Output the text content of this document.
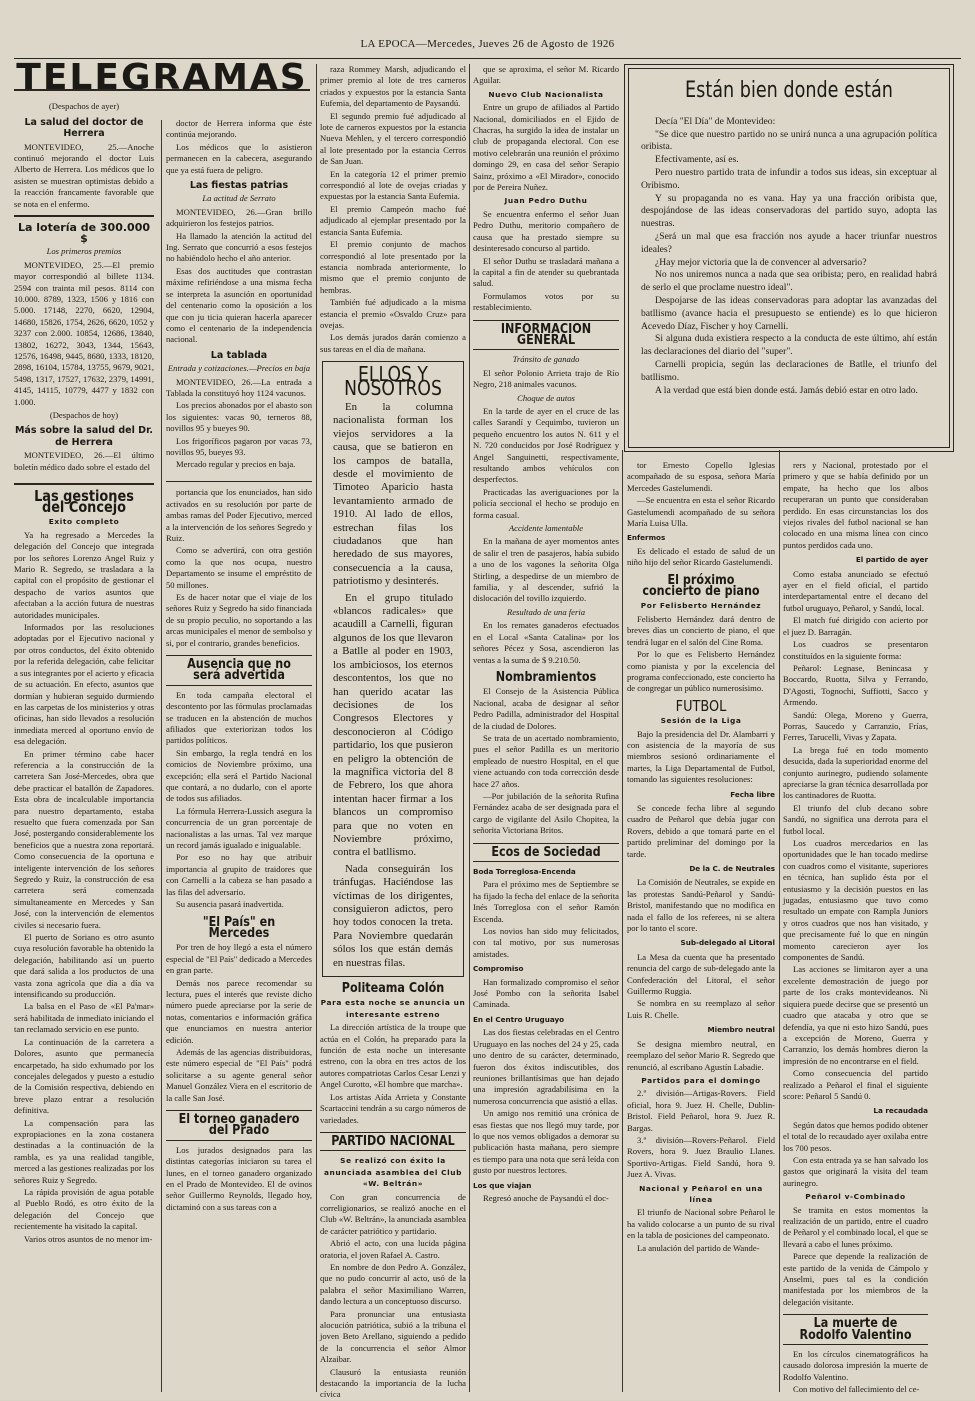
LA EPOCA—Mercedes, Jueves 26 de Agosto de 1926
TELEGRAMAS
(Despachos de ayer)
La salud del doctor de Herrera

MONTEVIDEO, 25.—Anoche continuó mejorando el doctor Luis Alberto de Herrera. Los médicos que lo asisten se muestran optimistas debido a la reacción francamente favorable que se nota en el enfermo.

La lotería de 300.000 $
Los primeros premios

MONTEVIDEO, 25.—El premio mayor correspondió al billete 1134. 2594 con trainta mil pesos. 8114 con 10.000. 8789, 1323, 1506 y 1816 con 5.000. 17148, 2270, 6620, 12904, 14680, 15826, 1754, 2626, 6620, 1052 y 3237 con 2.000. 10854, 12686, 13840, 13802, 16272, 3043, 1344, 15643, 12576, 16498, 9445, 8680, 1333, 18120, 2898, 16104, 15784, 13755, 9679, 9021, 5498, 1317, 17527, 17632, 2379, 14991, 4145, 14115, 10779, 4477 y 1832 con 1.000.

(Despachos de hoy)
Más sobre la salud del Dr. de Herrera

MONTEVIDEO, 26.—El último boletín médico dado sobre el estado del

Las gestiones del Concejo
Exito completo

Ya ha regresado a Mercedes la delegación del Concejo que integrada por los señores Lorenzo Angel Ruiz y Mario R. Segredo, se trasladara a la capital con el propósito de gestionar el despacho de varios asuntos que afectaban a la acción futura de nuestras autoridades municipales.

Informados por las resoluciones adoptadas por el Ejecutivo nacional y por otros conductos, del éxito obtenido por la referida delegación, cabe felicitar a sus integrantes por el acierto y eficacia de su actuación. En efecto, asuntos que dormían y hubieran seguido durmiendo en las carpetas de los ministerios y otras oficinas, han sido llevados a resolución inmediata merced al oportuno envío de esa delegación.

En primer término cabe hacer referencia a la construcción de la carretera San José-Mercedes, obra que debe practicar el batallón de Zapadores. Esta obra de incalculable importancia para nuestro departamento, estaba resuelto que fuera comenzada por San José, postergando considerablemente los beneficios que a nuestra zona reportará. Como consecuencia de la oportuna e inteligente intervención de los señores Segredo y Ruiz, la construcción de esa carretera será comenzada simultaneamente en Mercedes y San José, con la intervención de elementos civiles si necesario fuera.

El puerto de Soriano es otro asunto cuya resolución favorable ha obtenido la delegación, habilitando así un puerto que dará salida a los productos de una vasta zona agrícola que día a día va intensificando su producción.

La balsa en el Paso de «El Pa'mar» será habilitada de inmediato iniciando el tan reclamado servicio en ese punto.

La continuación de la carretera a Dolores, asunto que permanecía encarpetado, ha sido exhumado por los concejales delegados y puesto a estudio de la Comisión respectiva, debiendo en breve plazo entrar a resolución definitiva.

La compensación para las expropiaciones en la zona costanera destinadas a la continuación de la rambla, es ya una realidad tangible, merced a las gestiones realizadas por los señores Ruiz y Segredo.

La rápida provisión de agua potable al Pueblo Rodó, es otro éxito de la delegación del Concejo que recientemente ha visitado la capital.

Varios otros asuntos de no menor im-

doctor de Herrera informa que éste continúa mejorando.

Los médicos que lo asistieron permanecen en la cabecera, asegurando que ya está fuera de peligro.

Las fiestas patrias
La actitud de Serrato

MONTEVIDEO, 26.—Gran brillo adquirieron los festejos patrios.

Ha llamado la atención la actitud del Ing. Serrato que concurrió a esos festejos no habiéndolo hecho el año anterior.

Esas dos auctitudes que contrastan máxime refiriéndose a una misma fecha se interpreta la asunción en oportunidad del centenario como la oposición a los que con ju ticia quieran hacerla aparecer como el centenario de la independencia nacional.

La tablada
Entrada y cotizaciones.—Precios en baja

MONTEVIDEO, 26.—La entrada a Tablada la constituyó hoy 1124 vacunos.

Los precios abonados por el abasto son los siguientes: vacas 90, terneros 88, novillos 95 y bueyes 90.

Los frigoríficos pagaron por vacas 73, novillos 95, bueyes 93.

Mercado regular y precios en baja.

portancia que los enunciados, han sido activados en su resolución por parte de ambas ramas del Poder Ejecutivo, merced a la intervención de los señores Segredo y Ruiz.

Como se advertirá, con otra gestión como la que nos ocupa, nuestro Departamento se insume el empréstito de 50 millones.

Es de hacer notar que el viaje de los señores Ruiz y Segredo ha sido financiada de su propio peculio, no soportando a las arcas municipales el menor de sembolso y si, por el contrario, grandes beneficios.

Ausencia que no será advertida

En toda campaña electoral el descontento por las fórmulas proclamadas se traducen en la abstención de muchos afiliados que exteriorizan todos los partidos políticos.

Sin embargo, la regla tendrá en los comicios de Noviembre próximo, una excepción; ella será el Partido Nacional que contará, a no dudarlo, con el aporte de todos sus afiliados.

La fórmula Herrera-Lussich asegura la concurrencia de un gran porcentaje de nacionalistas a las urnas. Tal vez marque un record jamás igualado e inigualable.

Por eso no hay que atribuir importancia al grupito de traidores que con Carnelli a la cabeza se han pasado a las filas del adversario.

Su ausencia pasará inadvertida.

"El País" en Mercedes

Por tren de hoy llegó a esta el número especial de "El País" dedicado a Mercedes en gran parte.

Demás nos parece recomendar su lectura, pues el interés que reviste dicho número puede apreciarse por la serie de notas, comentarios e información gráfica que enunciamos en nuestra anterior edición.

Además de las agencias distribuidoras, este número especial de "El País" podrá solicitarse a su agente general señor Manuel González Viera en el escritorio de la calle San José.

El torneo ganadero del Prado

Los jurados designados para las distintas categorías iniciaron su tarea el lunes, en el torneo ganadero organizado en el Prado de Montevideo. El de ovinos señor Guillermo Reynolds, llegado hoy, dictaminó con a sus tareas con a

raza Rommey Marsh, adjudicando el primer premio al lote de tres carneros criados y expuestos por la estancia Santa Eufemia, del departamento de Paysandú.

El segundo premio fué adjudicado al lote de carneros expuestos por la estancia Nueva Mehlen, y el tercero correspondió al lote presentado por la estancia Cerros de San Juan.

En la categoría 12 el primer premio correspondió al lote de ovejas criadas y expuestas por la estancia Santa Eufemia.

El premio Campeón macho fué adjudicado al ejemplar presentado por la estancia Santa Eufemia.

El premio conjunto de machos correspondió al lote presentado por la estancia nombrada anteriormente, lo mismo que el premio conjunto de hembras.

También fué adjudicado a la misma estancia el premio «Osvaldo Cruz» para ovejas.

Los demás jurados darán comienzo a sus tareas en el día de mañana.

ELLOS Y NOSOTROS

En la columna nacionalista forman los viejos servidores a la causa, que se batieron en los campos de batalla, desde el movimiento de Timoteo Aparicio hasta levantamiento armado de 1910. Al lado de ellos, estrechan filas los ciudadanos que han heredado de sus mayores, consecuencia a la causa, patriotismo y desinterés.

En el grupo titulado «blancos radicales» que acaudill a Carnelli, figuran algunos de los que llevaron a Batlle al poder en 1903, los ambiciosos, los eternos descontentos, los que no han querido acatar las decisiones de los Congresos Electores y desconocieron al Código partidario, los que pusieron en peligro la obtención de la magnífica victoria del 8 de Febrero, los que ahora intentan hacer firmar a los blancos un compromiso para que no voten en Noviembre próximo, contra el batllismo.

Nada conseguirán los tránfugas. Haciéndose las víctimas de los dirigentes, consiguieron adictos, pero hoy todos conocen la treta. Para Noviembre quedarán sólos los que están demás en nuestras filas.

Politeama Colón
Para esta noche se anuncia un interesante estreno

La dirección artística de la troupe que actúa en el Colón, ha preparado para la función de esta noche un interesante estreno, con la obra en tres actos de los autores compatriotas Carlos Cesar Lenzi y Angel Curotto, «El hombre que marcha».

Los artistas Aída Arrieta y Constante Scartaccini tendrán a su cargo números de variedades.

PARTIDO NACIONAL
Se realizó con éxito la anunciada asamblea del Club «W. Beltrán»

Con gran concurrencia de correligionarios, se realizó anoche en el Club «W. Beltrán», la anunciada asamblea de carácter patriótico y partidario.

Abrió el acto, con una lucida página oratoria, el joven Rafael A. Castro.

En nombre de don Pedro A. González, que no pudo concurrir al acto, usó de la palabra el señor Maximiliano Warren, dando lectura a un conceptuoso discurso.

Para pronunciar una entusiasta alocución patriótica, subió a la tribuna el joven Beto Arellano, siguiendo a pedido de la concurrencia el señor Almor Alzaibar.

Clausuró la entusiasta reunión destacando la importancia de la lucha cívica

que se aproxima, el señor M. Ricardo Aguilar.

Nuevo Club Nacionalista

Entre un grupo de afiliados al Partido Nacional, domiciliados en el Ejido de Chacras, ha surgido la idea de instalar un club de propaganda electoral. Con ese motivo celebrarán una reunión el próximo domingo 29, en casa del señor Serapio Sainz, próximo a «El Mirador», conocido por de Pereira Nuñez.

Juan Pedro Duthu

Se encuentra enfermo el señor Juan Pedro Duthu, meritorio compañero de causa que ha prestado siempre su desinteresado concurso al partido.

El señor Duthu se trasladará mañana a la capital a fin de atender su quebrantada salud.

Formulamos votos por su restablecimiento.

INFORMACION GENERAL
Tránsito de ganado

El señor Polonio Arrieta trajo de Río Negro, 218 animales vacunos.

Choque de autos

En la tarde de ayer en el cruce de las calles Sarandí y Cequimbo, tuvieron un pequeño encuentro los autos N. 611 y el N. 720 conducidos por José Rodríguez y Angel Sanguinetti, respectivamente, resultando ambos vehículos con desperfectos.

Practicadas las averiguaciones por la policía seccional el hecho se produjo en forma casual.

Accidente lamentable

En la mañana de ayer momentos antes de salir el tren de pasajeros, había subido a uno de los vagones la señorita Olga Stirling, a despedirse de un miembro de familia, y al descender, sufrió la dislocación del tovillo izquierdo.

Resultado de una feria

En los remates ganaderos efectuados en el Local «Santa Catalina» por los señores Pécez y Sosa, ascendieron las ventas a la suma de $ 9.210.50.

Nombramientos

El Consejo de la Asistencia Pública Nacional, acaba de designar al señor Pedro Padilla, administrador del Hospital de la ciudad de Dolores.

Se trata de un acertado nombramiento, pues el señor Padilla es un meritorio empleado de nuestro Hospital, en el que viene actuando con toda corrección desde hace 27 años.

—Por jubilación de la señorita Rufina Fernández acaba de ser designada para el cargo de vigilante del Asilo Chopitea, la señorita Victoriana Britos.

Ecos de Sociedad
Boda Torreglosa-Encenda

Para el próximo mes de Septiembre se ha fijado la fecha del enlace de la señorita Inés Torreglosa con el señor Ramón Escenda.

Los novios han sido muy felicitados, con tal motivo, por sus numerosas amistades.

Compromiso

Han formalizado compromiso el señor José Pombo con la señorita Isabel Caminada.

En el Centro Uruguayo

Las dos fiestas celebradas en el Centro Uruguayo en las noches del 24 y 25, cada uno dentro de su carácter, determinado, fueron dos éxitos indiscutibles, dos reuniones brillantísimas que han dejado una impresión agradabilísima en la numerosa concurrencia que asistió a ellas.

Un amigo nos remitió una crónica de esas fiestas que nos llegó muy tarde, por lo que nos vemos obligados a demorar su publicación hasta mañana, pero siempre es tiempo para una nota que será leída con gusto por nuestros lectores.

Los que viajan

Regresó anoche de Paysandú el doc-

Están bien donde están

Decía "El Día" de Montevideo:

"Se dice que nuestro partido no se unirá nunca a una agrupación política oribista.

Efectivamente, así es.

Pero nuestro partido trata de infundir a todos sus ideas, sin exceptuar al Oribismo.

Y su propaganda no es vana. Hay ya una fracción oribista que, despojándose de las ideas conservadoras del partido suyo, adopta las nuestras.

¿Será un mal que esa fracción nos ayude a hacer triunfar nuestros ideales?

¿Hay mejor victoria que la de convencer al adversario?

No nos uniremos nunca a nada que sea oribista; pero, en realidad habrá de serlo el que proclame nuestro ideal".

Despojarse de las ideas conservadoras para adoptar las avanzadas del batllismo (avance hacia el presupuesto se entiende) es lo que hicieron Acevedo Díaz, Fischer y hoy Carnelli.

Si alguna duda existiera respecto a la conducta de este último, ahí están las declaraciones del diario del "super".

Carnelli propicia, según las declaraciones de Batlle, el triunfo del batllismo.

A la verdad que está bien donde está. Jamás debió estar en otro lado.

tor Ernesto Copello Iglesias acompañado de su esposa, señora María Mercedes Gastelumendi.

—Se encuentra en esta el señor Ricardo Gastelumendi acompañado de su señora María Luisa Ulla.

Enfermos

Es delicado el estado de salud de un niño hijo del señor Ricardo Gastelumendi.

El próximo concierto de piano
Por Felisberto Hernández

Felisberto Hernández dará dentro de breves días un concierto de piano, el que tendrá lugar en el salón del Cine Roma.

Por lo que es Felisberto Hernández como pianista y por la excelencia del programa confeccionado, este concierto ha de congregar un público numerosísimo.

FUTBOL
Sesión de la Liga

Bajo la presidencia del Dr. Alambarri y con asistencia de la mayoría de sus miembros sesionó ordinariamente el martes, la Liga Departamental de Futbol, tomando las siguientes resoluciones:

Fecha libre

Se concede fecha libre al segundo cuadro de Peñarol que debía jugar con Rovers, debido a que tomará parte en el partido preliminar del domingo por la tarde.

De la C. de Neutrales

La Comisión de Neutrales, se expide en las protestas Sandú-Peñarol y Sandú-Bristol, manifestando que no modifica en nada el fallo de los referees, ni se altera por lo tanto el score.

Sub-delegado al Litoral

La Mesa da cuenta que ha presentado renuncia del cargo de sub-delegado ante la Confederación del Litoral, el señor Guillermo Ruggia.

Se nombra en su reemplazo al señor Luis R. Chelle.

Miembro neutral

Se designa miembro neutral, en reemplazo del señor Mario R. Segredo que renunció, al escribano Agustín Labadie.

Partidos para el domingo

2.ª división—Artigas-Rovers. Field oficial, hora 9. Juez H. Chelle, Dublin-Bristol. Field Peñarol, hora 9. Juez R. Bargas.

3.ª división—Rovers-Peñarol. Field Rovers, hora 9. Juez Braulio Llanes. Sportivo-Artigas. Field Sandú, hora 9. Juez A. Vivas.

Nacional y Peñarol en una línea

El triunfo de Nacional sobre Peñarol le ha valido colocarse a un punto de su rival en la tabla de posiciones del campeonato.

La anulación del partido de Wande-

rers y Nacional, protestado por el primero y que se había definido por un empate, ha hecho que los albos recuperaran un punto que consideraban perdido. En esas circunstancias los dos viejos rivales del futbol nacional se han colocado en una misma línea con cinco puntos perdidos cada uno.

El partido de ayer

Como estaba anunciado se efectuó ayer en el field oficial, el partido interdepartamental entre el decano del futbol uruguayo, Peñarol, y Sandú, local.

El match fué dirigido con acierto por el juez D. Barragán.

Los cuadros se presentaron constituídos en la siguiente forma:

Peñarol: Legnase, Benincasa y Boccardo, Ruotta, Silva y Ferrando, D'Agosti, Tognochi, Suffiotti, Sacco y Armendo.

Sandú: Olega, Moreno y Guerra, Porras, Saucedo y Carranzio, Frías, Ferres, Tarucelli, Vivas y Zapata.

La brega fué en todo momento desucida, dada la superioridad enorme del conjunto aurinegro, pudiendo solamente apreciarse la gran técnica desarrollada por los cantinadores de Ruotta.

El triunfo del club decano sobre Sandú, no significa una derrota para el futbol local.

Los cuadros mercedarios en las oportunidades que le han tocado medirse con cuadros como el visitante, superiores en técnica, han suplido ésta por el entusiasmo y la decisión puestos en las jugadas, entusiasmo que tuvo como resultado un empate con Rampla Juniors y otros cuadros que nos han visitado, y que precisamente fué lo que en ningún momento carecieron ayer los componentes de Sandú.

Las acciones se limitaron ayer a una excelente demostración de juego por parte de los craks montevideanos. Ni siquiera puede decirse que se presentó un cuadro que atacaba y otro que se defendía, ya que ni esto hizo Sandú, pues a excepción de Moreno, Guerra y Carranzio, los demás hombres dieron la impresión de no encontrarse en el field.

Como consecuencia del partido realizado a Peñarol el final el siguiente score: Peñarol 5 Sandú 0.

La recaudada

Según datos que hemos podido obtener el total de lo recaudado ayer oxilaba entre los 700 pesos.

Con esta entrada ya se han salvado los gastos que originará la visita del team aurinegro.

Peñarol v-Combinado

Se tramita en estos momentos la realización de un partido, entre el cuadro de Peñarol y el combinado local, el que se llevará a cabo el lunes próximo.

Parece que depende la realización de este partido de la venida de Cámpolo y Anselmi, pues tal es la condición manifestada por los miembros de la delegación visitante.

La muerte de Rodolfo Valentino

En los círculos cinematográficos ha causado dolorosa impresión la muerte de Rodolfo Valentino.

Con motivo del fallecimiento del ce-
